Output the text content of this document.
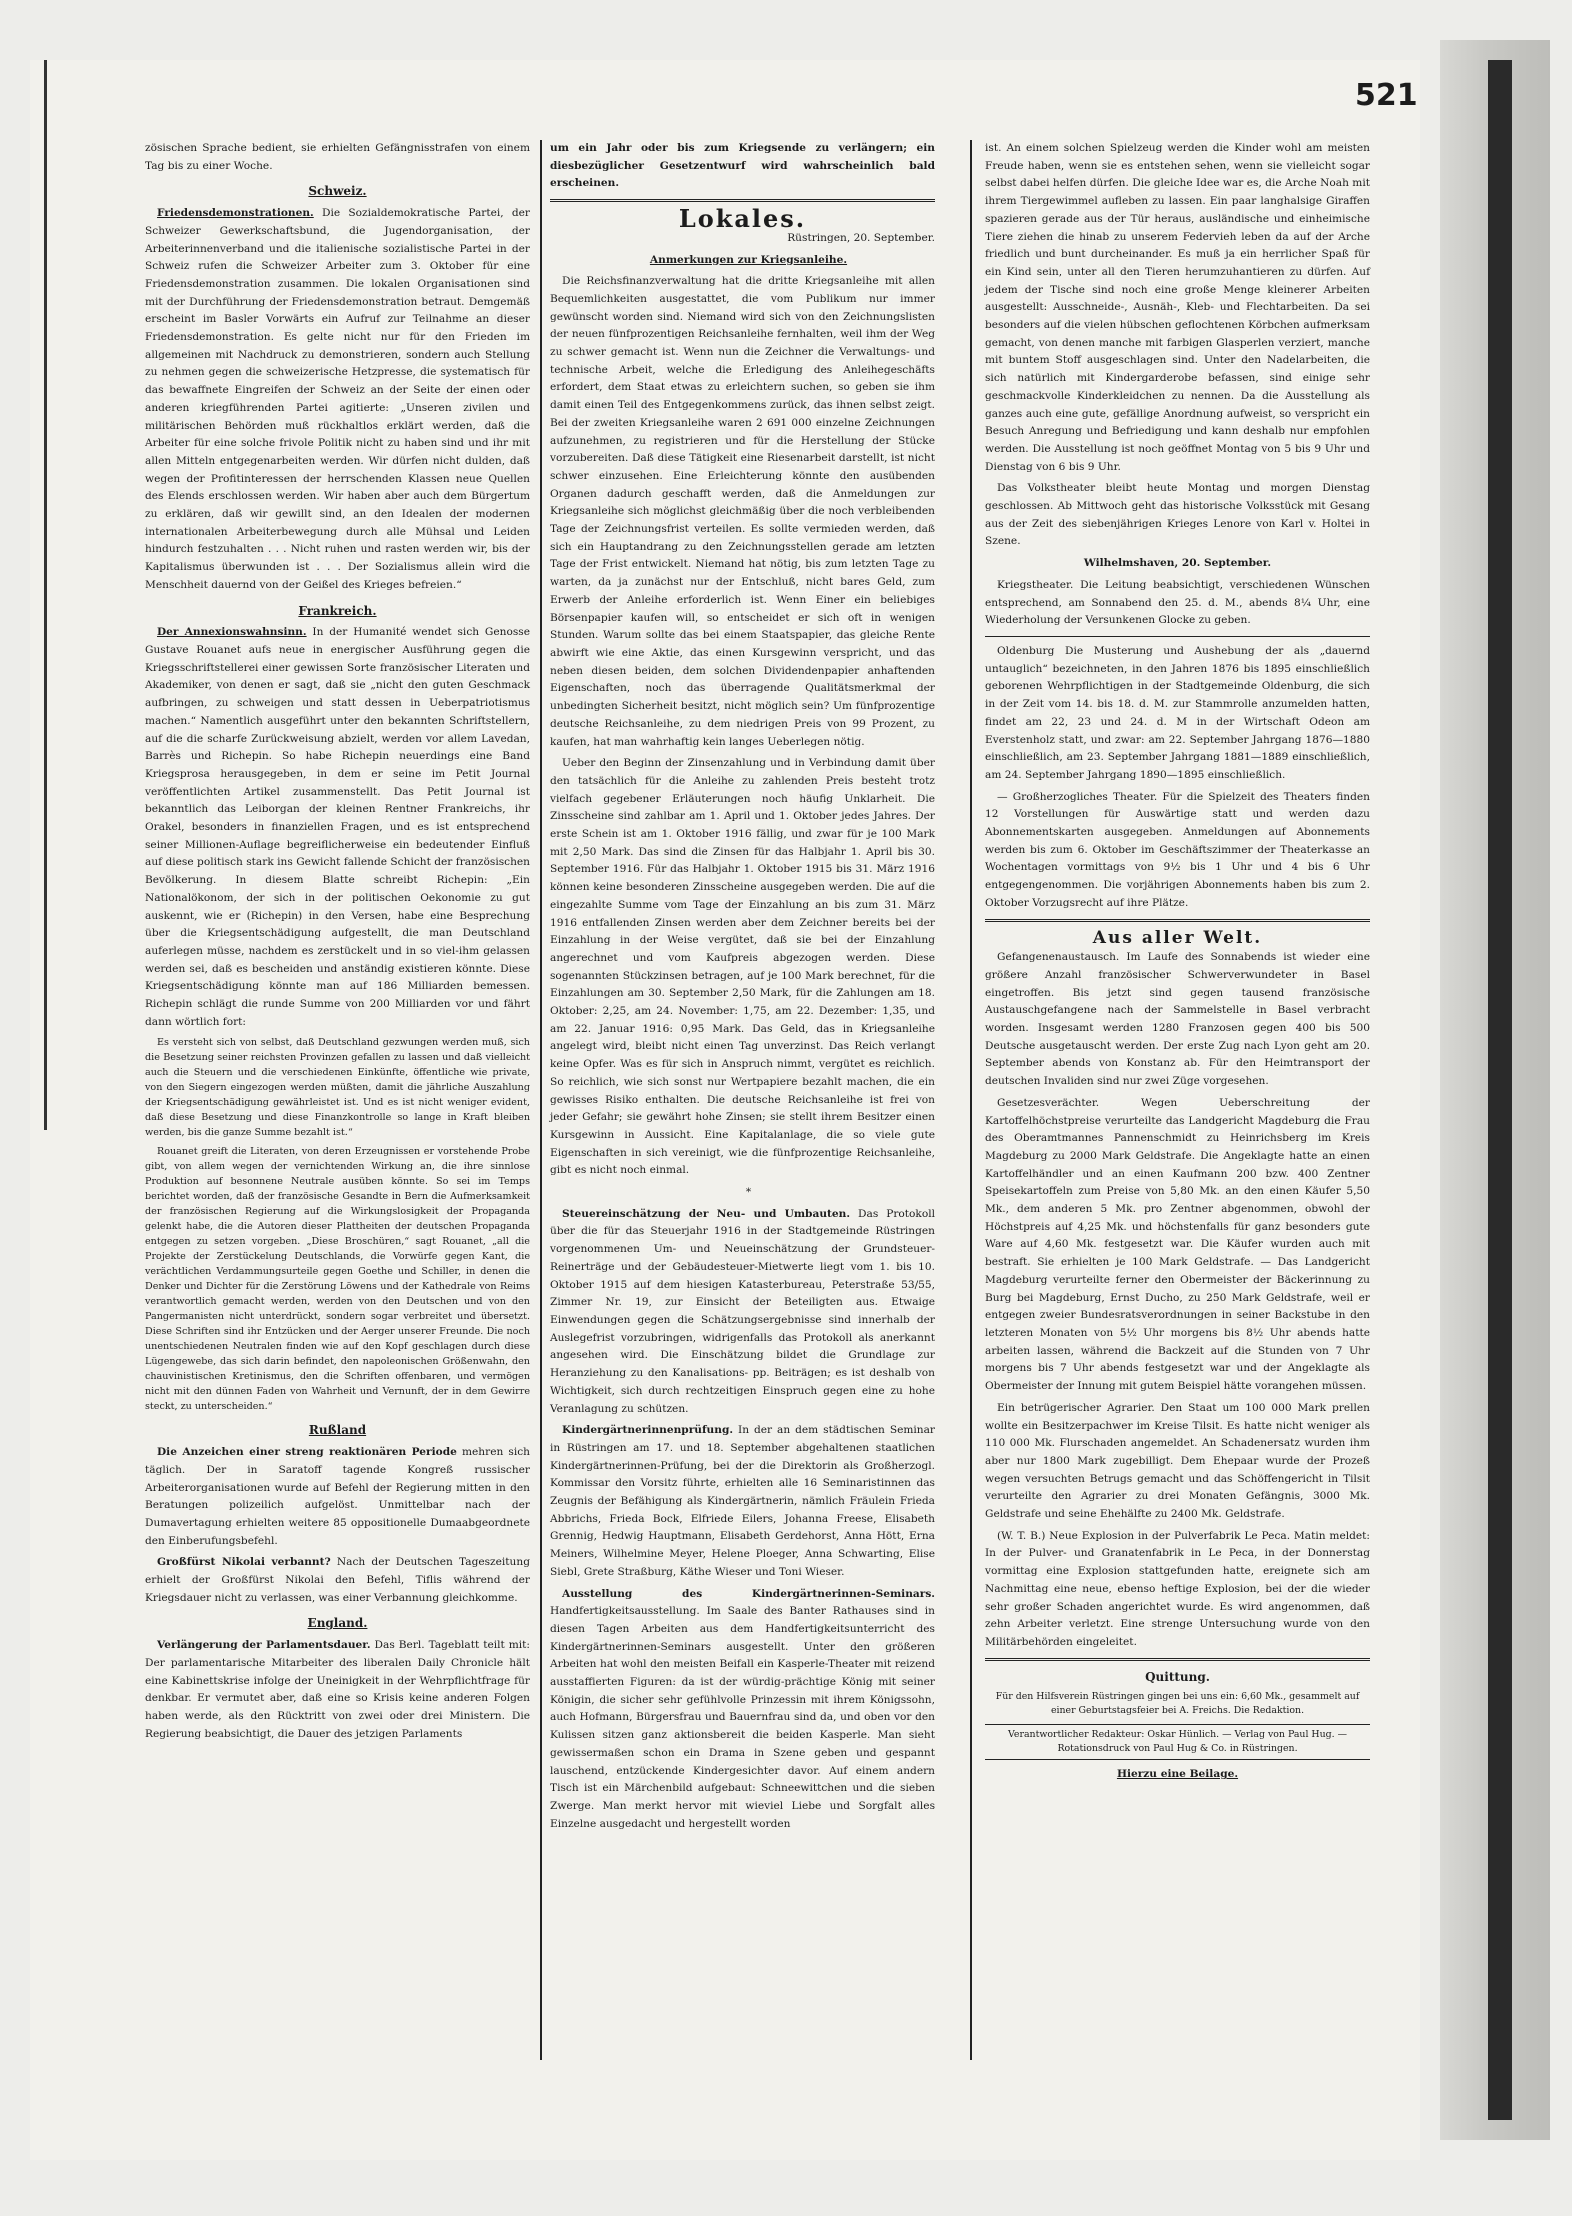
521

zösischen Sprache bedient, sie erhielten Gefängnisstrafen von einem Tag bis zu einer Woche.

Schweiz.

Friedensdemonstrationen. Die Sozialdemokratische Partei, der Schweizer Gewerkschaftsbund, die Jugendorganisation, der Arbeiterinnenverband und die italienische sozialistische Partei in der Schweiz rufen die Schweizer Arbeiter zum 3. Oktober für eine Friedensdemonstration zusammen. Die lokalen Organisationen sind mit der Durchführung der Friedensdemonstration betraut. Demgemäß erscheint im Basler Vorwärts ein Aufruf zur Teilnahme an dieser Friedensdemonstration. Es gelte nicht nur für den Frieden im allgemeinen mit Nachdruck zu demonstrieren, sondern auch Stellung zu nehmen gegen die schweizerische Hetzpresse, die systematisch für das bewaffnete Eingreifen der Schweiz an der Seite der einen oder anderen kriegführenden Partei agitierte: „Unseren zivilen und militärischen Behörden muß rückhaltlos erklärt werden, daß die Arbeiter für eine solche frivole Politik nicht zu haben sind und ihr mit allen Mitteln entgegenarbeiten werden. Wir dürfen nicht dulden, daß wegen der Profitinteressen der herrschenden Klassen neue Quellen des Elends erschlossen werden. Wir haben aber auch dem Bürgertum zu erklären, daß wir gewillt sind, an den Idealen der modernen internationalen Arbeiterbewegung durch alle Mühsal und Leiden hindurch festzuhalten . . . Nicht ruhen und rasten werden wir, bis der Kapitalismus überwunden ist . . . Der Sozialismus allein wird die Menschheit dauernd von der Geißel des Krieges befreien.“

Frankreich.

Der Annexionswahnsinn. In der Humanité wendet sich Genosse Gustave Rouanet aufs neue in energischer Ausführung gegen die Kriegsschriftstellerei einer gewissen Sorte französischer Literaten und Akademiker, von denen er sagt, daß sie „nicht den guten Geschmack aufbringen, zu schweigen und statt dessen in Ueberpatriotismus machen.“ Namentlich ausgeführt unter den bekannten Schriftstellern, auf die die scharfe Zurückweisung abzielt, werden vor allem Lavedan, Barrès und Richepin. So habe Richepin neuerdings eine Band Kriegsprosa herausgegeben, in dem er seine im Petit Journal veröffentlichten Artikel zusammenstellt. Das Petit Journal ist bekanntlich das Leiborgan der kleinen Rentner Frankreichs, ihr Orakel, besonders in finanziellen Fragen, und es ist entsprechend seiner Millionen-Auflage begreiflicherweise ein bedeutender Einfluß auf diese politisch stark ins Gewicht fallende Schicht der französischen Bevölkerung. In diesem Blatte schreibt Richepin: „Ein Nationalökonom, der sich in der politischen Oekonomie zu gut auskennt, wie er (Richepin) in den Versen, habe eine Besprechung über die Kriegsentschädigung aufgestellt, die man Deutschland auferlegen müsse, nachdem es zerstückelt und in so viel-ihm gelassen werden sei, daß es bescheiden und anständig existieren könnte. Diese Kriegsentschädigung könnte man auf 186 Milliarden bemessen. Richepin schlägt die runde Summe von 200 Milliarden vor und fährt dann wörtlich fort:

Es versteht sich von selbst, daß Deutschland gezwungen werden muß, sich die Besetzung seiner reichsten Provinzen gefallen zu lassen und daß vielleicht auch die Steuern und die verschiedenen Einkünfte, öffentliche wie private, von den Siegern eingezogen werden müßten, damit die jährliche Auszahlung der Kriegsentschädigung gewährleistet ist. Und es ist nicht weniger evident, daß diese Besetzung und diese Finanzkontrolle so lange in Kraft bleiben werden, bis die ganze Summe bezahlt ist.“

Rouanet greift die Literaten, von deren Erzeugnissen er vorstehende Probe gibt, von allem wegen der vernichtenden Wirkung an, die ihre sinnlose Produktion auf besonnene Neutrale ausüben könnte. So sei im Temps berichtet worden, daß der französische Gesandte in Bern die Aufmerksamkeit der französischen Regierung auf die Wirkungslosigkeit der Propaganda gelenkt habe, die die Autoren dieser Plattheiten der deutschen Propaganda entgegen zu setzen vorgeben. „Diese Broschüren,“ sagt Rouanet, „all die Projekte der Zerstückelung Deutschlands, die Vorwürfe gegen Kant, die verächtlichen Verdammungsurteile gegen Goethe und Schiller, in denen die Denker und Dichter für die Zerstörung Löwens und der Kathedrale von Reims verantwortlich gemacht werden, werden von den Deutschen und von den Pangermanisten nicht unterdrückt, sondern sogar verbreitet und übersetzt. Diese Schriften sind ihr Entzücken und der Aerger unserer Freunde. Die noch unentschiedenen Neutralen finden wie auf den Kopf geschlagen durch diese Lügengewebe, das sich darin befindet, den napoleonischen Größenwahn, den chauvinistischen Kretinismus, den die Schriften offenbaren, und vermögen nicht mit den dünnen Faden von Wahrheit und Vernunft, der in dem Gewirre steckt, zu unterscheiden.“

Rußland

Die Anzeichen einer streng reaktionären Periode mehren sich täglich. Der in Saratoff tagende Kongreß russischer Arbeiterorganisationen wurde auf Befehl der Regierung mitten in den Beratungen polizeilich aufgelöst. Unmittelbar nach der Dumavertagung erhielten weitere 85 oppositionelle Dumaabgeordnete den Einberufungsbefehl.

Großfürst Nikolai verbannt? Nach der Deutschen Tageszeitung erhielt der Großfürst Nikolai den Befehl, Tiflis während der Kriegsdauer nicht zu verlassen, was einer Verbannung gleichkomme.

England.

Verlängerung der Parlamentsdauer. Das Berl. Tageblatt teilt mit: Der parlamentarische Mitarbeiter des liberalen Daily Chronicle hält eine Kabinettskrise infolge der Uneinigkeit in der Wehrpflichtfrage für denkbar. Er vermutet aber, daß eine so Krisis keine anderen Folgen haben werde, als den Rücktritt von zwei oder drei Ministern. Die Regierung beabsichtigt, die Dauer des jetzigen Parlaments

um ein Jahr oder bis zum Kriegsende zu verlängern; ein diesbezüglicher Gesetzentwurf wird wahrscheinlich bald erscheinen.

Lokales.

Rüstringen, 20. September.

Anmerkungen zur Kriegsanleihe.

Die Reichsfinanzverwaltung hat die dritte Kriegsanleihe mit allen Bequemlichkeiten ausgestattet, die vom Publikum nur immer gewünscht worden sind. Niemand wird sich von den Zeichnungslisten der neuen fünfprozentigen Reichsanleihe fernhalten, weil ihm der Weg zu schwer gemacht ist. Wenn nun die Zeichner die Verwaltungs- und technische Arbeit, welche die Erledigung des Anleihegeschäfts erfordert, dem Staat etwas zu erleichtern suchen, so geben sie ihm damit einen Teil des Entgegenkommens zurück, das ihnen selbst zeigt. Bei der zweiten Kriegsanleihe waren 2 691 000 einzelne Zeichnungen aufzunehmen, zu registrieren und für die Herstellung der Stücke vorzubereiten. Daß diese Tätigkeit eine Riesenarbeit darstellt, ist nicht schwer einzusehen. Eine Erleichterung könnte den ausübenden Organen dadurch geschafft werden, daß die Anmeldungen zur Kriegsanleihe sich möglichst gleichmäßig über die noch verbleibenden Tage der Zeichnungsfrist verteilen. Es sollte vermieden werden, daß sich ein Hauptandrang zu den Zeichnungsstellen gerade am letzten Tage der Frist entwickelt. Niemand hat nötig, bis zum letzten Tage zu warten, da ja zunächst nur der Entschluß, nicht bares Geld, zum Erwerb der Anleihe erforderlich ist. Wenn Einer ein beliebiges Börsenpapier kaufen will, so entscheidet er sich oft in wenigen Stunden. Warum sollte das bei einem Staatspapier, das gleiche Rente abwirft wie eine Aktie, das einen Kursgewinn verspricht, und das neben diesen beiden, dem solchen Dividendenpapier anhaftenden Eigenschaften, noch das überragende Qualitätsmerkmal der unbedingten Sicherheit besitzt, nicht möglich sein? Um fünfprozentige deutsche Reichsanleihe, zu dem niedrigen Preis von 99 Prozent, zu kaufen, hat man wahrhaftig kein langes Ueberlegen nötig.

Ueber den Beginn der Zinsenzahlung und in Verbindung damit über den tatsächlich für die Anleihe zu zahlenden Preis besteht trotz vielfach gegebener Erläuterungen noch häufig Unklarheit. Die Zinsscheine sind zahlbar am 1. April und 1. Oktober jedes Jahres. Der erste Schein ist am 1. Oktober 1916 fällig, und zwar für je 100 Mark mit 2,50 Mark. Das sind die Zinsen für das Halbjahr 1. April bis 30. September 1916. Für das Halbjahr 1. Oktober 1915 bis 31. März 1916 können keine besonderen Zinsscheine ausgegeben werden. Die auf die eingezahlte Summe vom Tage der Einzahlung an bis zum 31. März 1916 entfallenden Zinsen werden aber dem Zeichner bereits bei der Einzahlung in der Weise vergütet, daß sie bei der Einzahlung angerechnet und vom Kaufpreis abgezogen werden. Diese sogenannten Stückzinsen betragen, auf je 100 Mark berechnet, für die Einzahlungen am 30. September 2,50 Mark, für die Zahlungen am 18. Oktober: 2,25, am 24. November: 1,75, am 22. Dezember: 1,35, und am 22. Januar 1916: 0,95 Mark. Das Geld, das in Kriegsanleihe angelegt wird, bleibt nicht einen Tag unverzinst. Das Reich verlangt keine Opfer. Was es für sich in Anspruch nimmt, vergütet es reichlich. So reichlich, wie sich sonst nur Wertpapiere bezahlt machen, die ein gewisses Risiko enthalten. Die deutsche Reichsanleihe ist frei von jeder Gefahr; sie gewährt hohe Zinsen; sie stellt ihrem Besitzer einen Kursgewinn in Aussicht. Eine Kapitalanlage, die so viele gute Eigenschaften in sich vereinigt, wie die fünfprozentige Reichsanleihe, gibt es nicht noch einmal.

*

Steuereinschätzung der Neu- und Umbauten. Das Protokoll über die für das Steuerjahr 1916 in der Stadtgemeinde Rüstringen vorgenommenen Um- und Neueinschätzung der Grundsteuer-Reinerträge und der Gebäudesteuer-Mietwerte liegt vom 1. bis 10. Oktober 1915 auf dem hiesigen Katasterbureau, Peterstraße 53/55, Zimmer Nr. 19, zur Einsicht der Beteiligten aus. Etwaige Einwendungen gegen die Schätzungsergebnisse sind innerhalb der Auslegefrist vorzubringen, widrigenfalls das Protokoll als anerkannt angesehen wird. Die Einschätzung bildet die Grundlage zur Heranziehung zu den Kanalisations- pp. Beiträgen; es ist deshalb von Wichtigkeit, sich durch rechtzeitigen Einspruch gegen eine zu hohe Veranlagung zu schützen.

Kindergärtnerinnenprüfung. In der an dem städtischen Seminar in Rüstringen am 17. und 18. September abgehaltenen staatlichen Kindergärtnerinnen-Prüfung, bei der die Direktorin als Großherzogl. Kommissar den Vorsitz führte, erhielten alle 16 Seminaristinnen das Zeugnis der Befähigung als Kindergärtnerin, nämlich Fräulein Frieda Abbrichs, Frieda Bock, Elfriede Eilers, Johanna Freese, Elisabeth Grennig, Hedwig Hauptmann, Elisabeth Gerdehorst, Anna Hött, Erna Meiners, Wilhelmine Meyer, Helene Ploeger, Anna Schwarting, Elise Siebl, Grete Straßburg, Käthe Wieser und Toni Wieser.

Ausstellung des Kindergärtnerinnen-Seminars. Handfertigkeitsausstellung. Im Saale des Banter Rathauses sind in diesen Tagen Arbeiten aus dem Handfertigkeitsunterricht des Kindergärtnerinnen-Seminars ausgestellt. Unter den größeren Arbeiten hat wohl den meisten Beifall ein Kasperle-Theater mit reizend ausstaffierten Figuren: da ist der würdig-prächtige König mit seiner Königin, die sicher sehr gefühlvolle Prinzessin mit ihrem Königssohn, auch Hofmann, Bürgersfrau und Bauernfrau sind da, und oben vor den Kulissen sitzen ganz aktionsbereit die beiden Kasperle. Man sieht gewissermaßen schon ein Drama in Szene geben und gespannt lauschend, entzückende Kindergesichter davor. Auf einem andern Tisch ist ein Märchenbild aufgebaut: Schneewittchen und die sieben Zwerge. Man merkt hervor mit wieviel Liebe und Sorgfalt alles Einzelne ausgedacht und hergestellt worden

ist. An einem solchen Spielzeug werden die Kinder wohl am meisten Freude haben, wenn sie es entstehen sehen, wenn sie vielleicht sogar selbst dabei helfen dürfen. Die gleiche Idee war es, die Arche Noah mit ihrem Tiergewimmel aufleben zu lassen. Ein paar langhalsige Giraffen spazieren gerade aus der Tür heraus, ausländische und einheimische Tiere ziehen die hinab zu unserem Federvieh leben da auf der Arche friedlich und bunt durcheinander. Es muß ja ein herrlicher Spaß für ein Kind sein, unter all den Tieren herumzuhantieren zu dürfen. Auf jedem der Tische sind noch eine große Menge kleinerer Arbeiten ausgestellt: Ausschneide-, Ausnäh-, Kleb- und Flechtarbeiten. Da sei besonders auf die vielen hübschen geflochtenen Körbchen aufmerksam gemacht, von denen manche mit farbigen Glasperlen verziert, manche mit buntem Stoff ausgeschlagen sind. Unter den Nadelarbeiten, die sich natürlich mit Kindergarderobe befassen, sind einige sehr geschmackvolle Kinderkleidchen zu nennen. Da die Ausstellung als ganzes auch eine gute, gefällige Anordnung aufweist, so verspricht ein Besuch Anregung und Befriedigung und kann deshalb nur empfohlen werden. Die Ausstellung ist noch geöffnet Montag von 5 bis 9 Uhr und Dienstag von 6 bis 9 Uhr.

Das Volkstheater bleibt heute Montag und morgen Dienstag geschlossen. Ab Mittwoch geht das historische Volksstück mit Gesang aus der Zeit des siebenjährigen Krieges Lenore von Karl v. Holtei in Szene.

Wilhelmshaven, 20. September.

Kriegstheater. Die Leitung beabsichtigt, verschiedenen Wünschen entsprechend, am Sonnabend den 25. d. M., abends 8¼ Uhr, eine Wiederholung der Versunkenen Glocke zu geben.

Oldenburg Die Musterung und Aushebung der als „dauernd untauglich“ bezeichneten, in den Jahren 1876 bis 1895 einschließlich geborenen Wehrpflichtigen in der Stadtgemeinde Oldenburg, die sich in der Zeit vom 14. bis 18. d. M. zur Stammrolle anzumelden hatten, findet am 22, 23 und 24. d. M in der Wirtschaft Odeon am Everstenholz statt, und zwar: am 22. September Jahrgang 1876—1880 einschließlich, am 23. September Jahrgang 1881—1889 einschließlich, am 24. September Jahrgang 1890—1895 einschließlich.

— Großherzogliches Theater. Für die Spielzeit des Theaters finden 12 Vorstellungen für Auswärtige statt und werden dazu Abonnementskarten ausgegeben. Anmeldungen auf Abonnements werden bis zum 6. Oktober im Geschäftszimmer der Theaterkasse an Wochentagen vormittags von 9½ bis 1 Uhr und 4 bis 6 Uhr entgegengenommen. Die vorjährigen Abonnements haben bis zum 2. Oktober Vorzugsrecht auf ihre Plätze.

Aus aller Welt.

Gefangenenaustausch. Im Laufe des Sonnabends ist wieder eine größere Anzahl französischer Schwerverwundeter in Basel eingetroffen. Bis jetzt sind gegen tausend französische Austauschgefangene nach der Sammelstelle in Basel verbracht worden. Insgesamt werden 1280 Franzosen gegen 400 bis 500 Deutsche ausgetauscht werden. Der erste Zug nach Lyon geht am 20. September abends von Konstanz ab. Für den Heimtransport der deutschen Invaliden sind nur zwei Züge vorgesehen.

Gesetzesverächter. Wegen Ueberschreitung der Kartoffelhöchstpreise verurteilte das Landgericht Magdeburg die Frau des Oberamtmannes Pannenschmidt zu Heinrichsberg im Kreis Magdeburg zu 2000 Mark Geldstrafe. Die Angeklagte hatte an einen Kartoffelhändler und an einen Kaufmann 200 bzw. 400 Zentner Speisekartoffeln zum Preise von 5,80 Mk. an den einen Käufer 5,50 Mk., dem anderen 5 Mk. pro Zentner abgenommen, obwohl der Höchstpreis auf 4,25 Mk. und höchstenfalls für ganz besonders gute Ware auf 4,60 Mk. festgesetzt war. Die Käufer wurden auch mit bestraft. Sie erhielten je 100 Mark Geldstrafe. — Das Landgericht Magdeburg verurteilte ferner den Obermeister der Bäckerinnung zu Burg bei Magdeburg, Ernst Ducho, zu 250 Mark Geldstrafe, weil er entgegen zweier Bundesratsverordnungen in seiner Backstube in den letzteren Monaten von 5½ Uhr morgens bis 8½ Uhr abends hatte arbeiten lassen, während die Backzeit auf die Stunden von 7 Uhr morgens bis 7 Uhr abends festgesetzt war und der Angeklagte als Obermeister der Innung mit gutem Beispiel hätte vorangehen müssen.

Ein betrügerischer Agrarier. Den Staat um 100 000 Mark prellen wollte ein Besitzerpachwer im Kreise Tilsit. Es hatte nicht weniger als 110 000 Mk. Flurschaden angemeldet. An Schadenersatz wurden ihm aber nur 1800 Mark zugebilligt. Dem Ehepaar wurde der Prozeß wegen versuchten Betrugs gemacht und das Schöffengericht in Tilsit verurteilte den Agrarier zu drei Monaten Gefängnis, 3000 Mk. Geldstrafe und seine Ehehälfte zu 2400 Mk. Geldstrafe.

(W. T. B.) Neue Explosion in der Pulverfabrik Le Peca. Matin meldet: In der Pulver- und Granatenfabrik in Le Peca, in der Donnerstag vormittag eine Explosion stattgefunden hatte, ereignete sich am Nachmittag eine neue, ebenso heftige Explosion, bei der die wieder sehr großer Schaden angerichtet wurde. Es wird angenommen, daß zehn Arbeiter verletzt. Eine strenge Untersuchung wurde von den Militärbehörden eingeleitet.

Quittung.

Für den Hilfsverein Rüstringen gingen bei uns ein: 6,60 Mk., gesammelt auf einer Geburtstagsfeier bei A. Freichs. Die Redaktion.

Verantwortlicher Redakteur: Oskar Hünlich. — Verlag von Paul Hug. — Rotationsdruck von Paul Hug & Co. in Rüstringen.

Hierzu eine Beilage.
